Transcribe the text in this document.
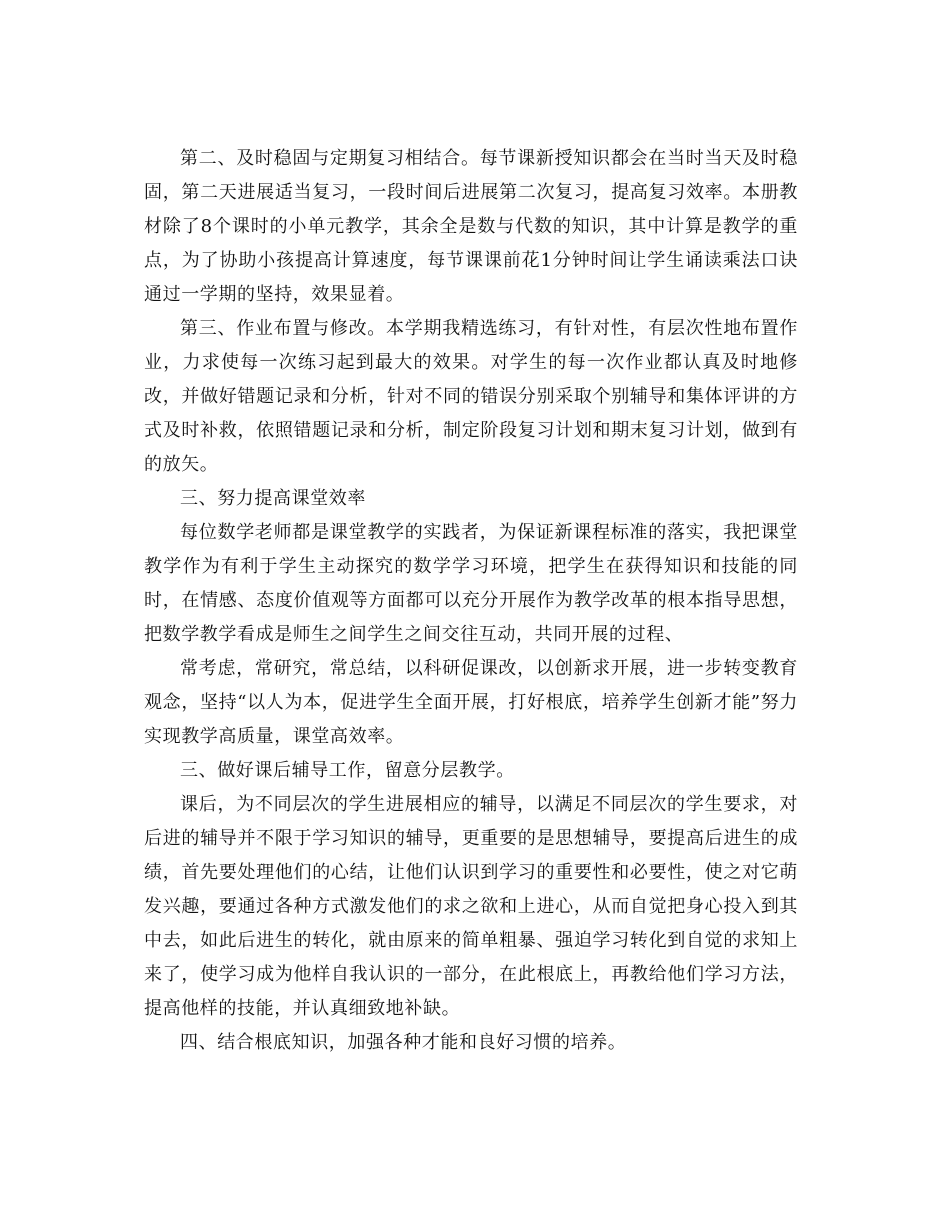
第二、及时稳固与定期复习相结合。每节课新授知识都会在当时当天及时稳固，第二天进展适当复习，一段时间后进展第二次复习，提高复习效率。本册教材除了8个课时的小单元教学，其余全是数与代数的知识，其中计算是教学的重点，为了协助小孩提高计算速度，每节课课前花1分钟时间让学生诵读乘法口诀通过一学期的坚持，效果显着。

第三、作业布置与修改。本学期我精选练习，有针对性，有层次性地布置作业，力求使每一次练习起到最大的效果。对学生的每一次作业都认真及时地修改，并做好错题记录和分析，针对不同的错误分别采取个别辅导和集体评讲的方式及时补救，依照错题记录和分析，制定阶段复习计划和期末复习计划，做到有的放矢。

三、努力提高课堂效率

每位数学老师都是课堂教学的实践者，为保证新课程标准的落实，我把课堂教学作为有利于学生主动探究的数学学习环境，把学生在获得知识和技能的同时，在情感、态度价值观等方面都可以充分开展作为教学改革的根本指导思想，把数学教学看成是师生之间学生之间交往互动，共同开展的过程、

常考虑，常研究，常总结，以科研促课改，以创新求开展，进一步转变教育观念，坚持“以人为本，促进学生全面开展，打好根底，培养学生创新才能”努力实现教学高质量，课堂高效率。

三、做好课后辅导工作，留意分层教学。

课后，为不同层次的学生进展相应的辅导，以满足不同层次的学生要求，对后进的辅导并不限于学习知识的辅导，更重要的是思想辅导，要提高后进生的成绩，首先要处理他们的心结，让他们认识到学习的重要性和必要性，使之对它萌发兴趣，要通过各种方式激发他们的求之欲和上进心，从而自觉把身心投入到其中去，如此后进生的转化，就由原来的简单粗暴、强迫学习转化到自觉的求知上来了，使学习成为他样自我认识的一部分，在此根底上，再教给他们学习方法，提高他样的技能，并认真细致地补缺。

四、结合根底知识，加强各种才能和良好习惯的培养。
